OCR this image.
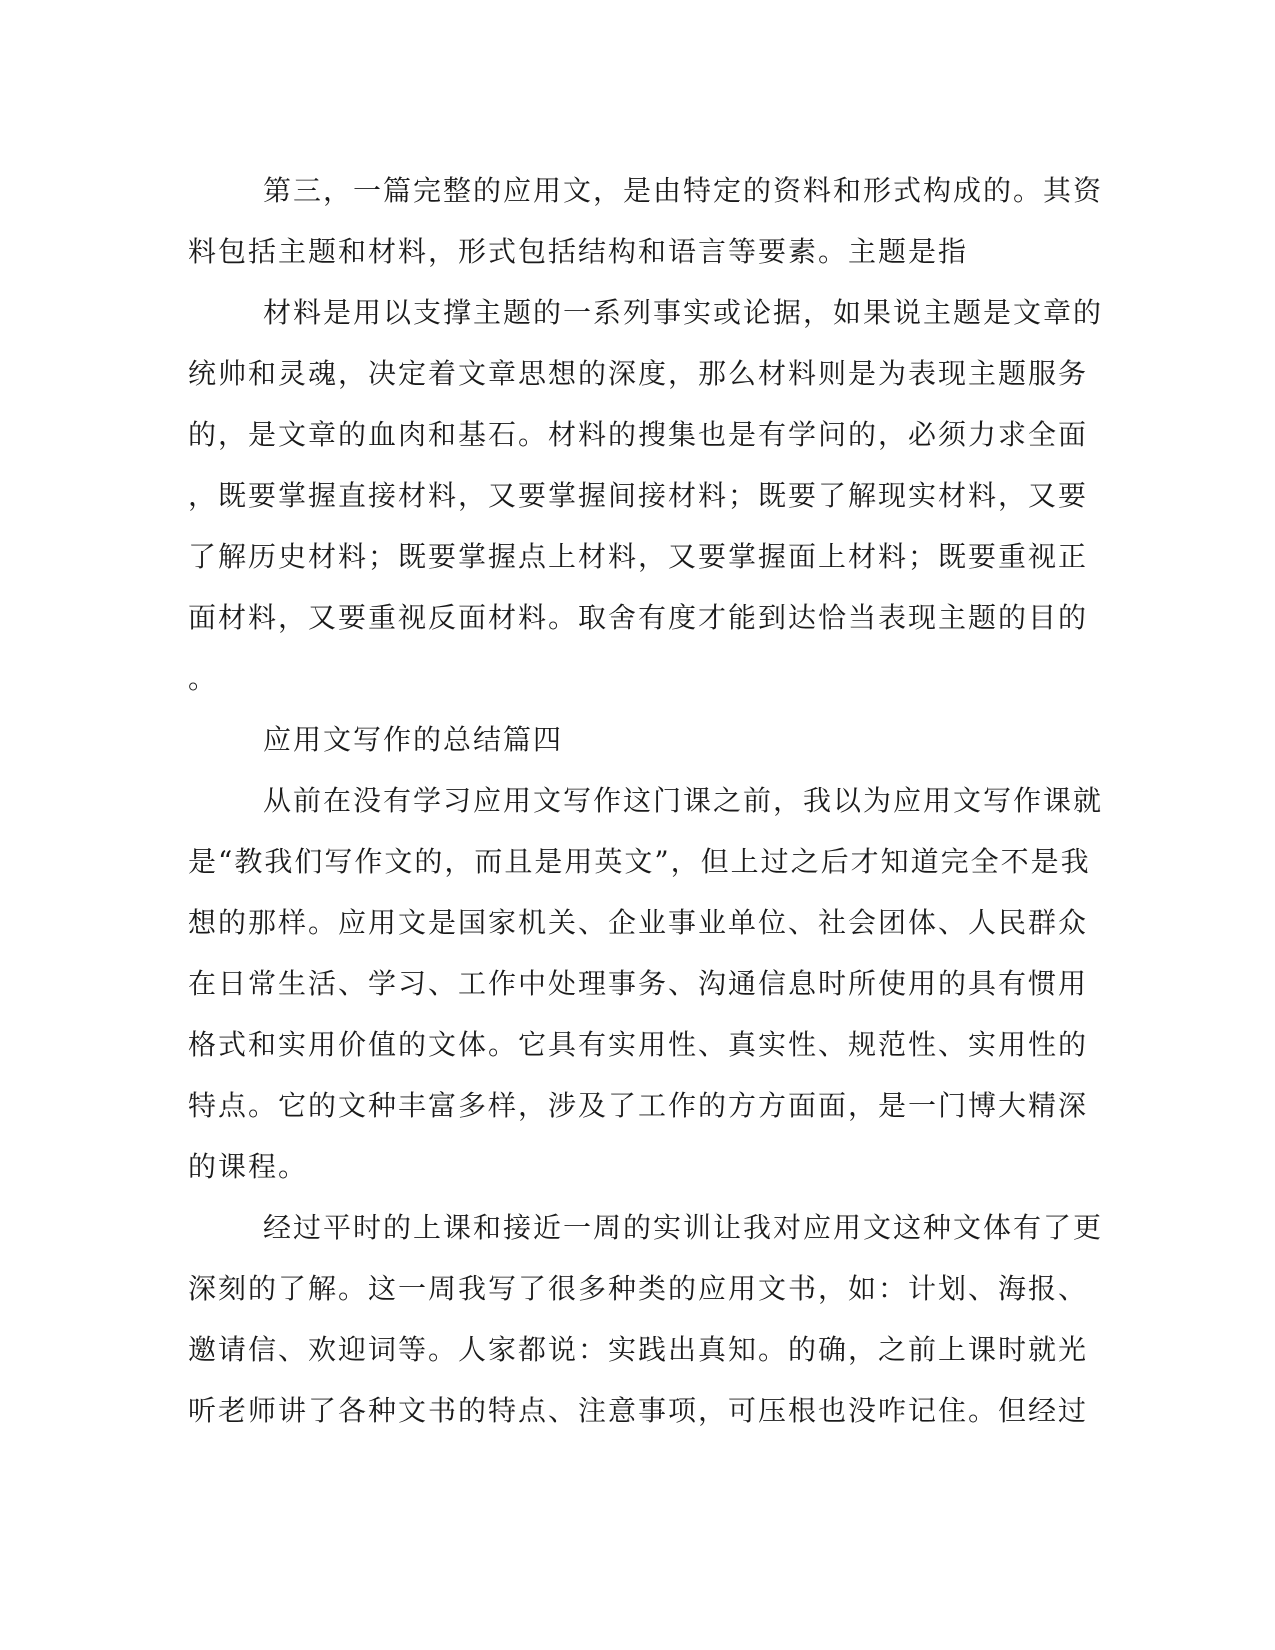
第三，一篇完整的应用文，是由特定的资料和形式构成的。其资
料包括主题和材料，形式包括结构和语言等要素。主题是指
材料是用以支撑主题的一系列事实或论据，如果说主题是文章的
统帅和灵魂，决定着文章思想的深度，那么材料则是为表现主题服务
的，是文章的血肉和基石。材料的搜集也是有学问的，必须力求全面
，既要掌握直接材料，又要掌握间接材料；既要了解现实材料，又要
了解历史材料；既要掌握点上材料，又要掌握面上材料；既要重视正
面材料，又要重视反面材料。取舍有度才能到达恰当表现主题的目的
。
应用文写作的总结篇四
从前在没有学习应用文写作这门课之前，我以为应用文写作课就
是“教我们写作文的，而且是用英文”，但上过之后才知道完全不是我
想的那样。应用文是国家机关、企业事业单位、社会团体、人民群众
在日常生活、学习、工作中处理事务、沟通信息时所使用的具有惯用
格式和实用价值的文体。它具有实用性、真实性、规范性、实用性的
特点。它的文种丰富多样，涉及了工作的方方面面，是一门博大精深
的课程。
经过平时的上课和接近一周的实训让我对应用文这种文体有了更
深刻的了解。这一周我写了很多种类的应用文书，如：计划、海报、
邀请信、欢迎词等。人家都说：实践出真知。的确，之前上课时就光
听老师讲了各种文书的特点、注意事项，可压根也没咋记住。但经过
